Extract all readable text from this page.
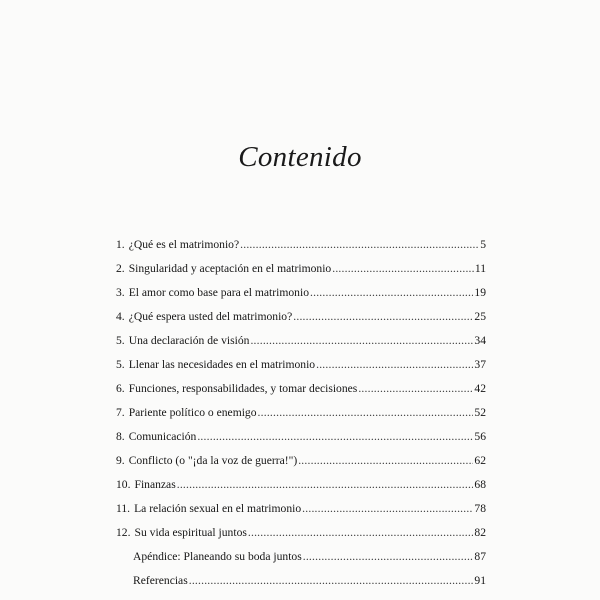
Contenido
1. ¿Qué es el matrimonio? .....	5
2. Singularidad y aceptación en el matrimonio .....	11
3. El amor como base para el matrimonio .....	19
4. ¿Qué espera usted del matrimonio? .....	25
5. Una declaración de visión .....	34
5. Llenar las necesidades en el matrimonio .....	37
6. Funciones, responsabilidades, y tomar decisiones .....	42
7. Pariente político o enemigo .....	52
8. Comunicación .....	56
9. Conflicto (o "¡da la voz de guerra!") .....	62
10. Finanzas .....	68
11. La relación sexual en el matrimonio .....	78
12. Su vida espiritual juntos .....	82
Apéndice: Planeando su boda juntos .....	87
Referencias .....	91
